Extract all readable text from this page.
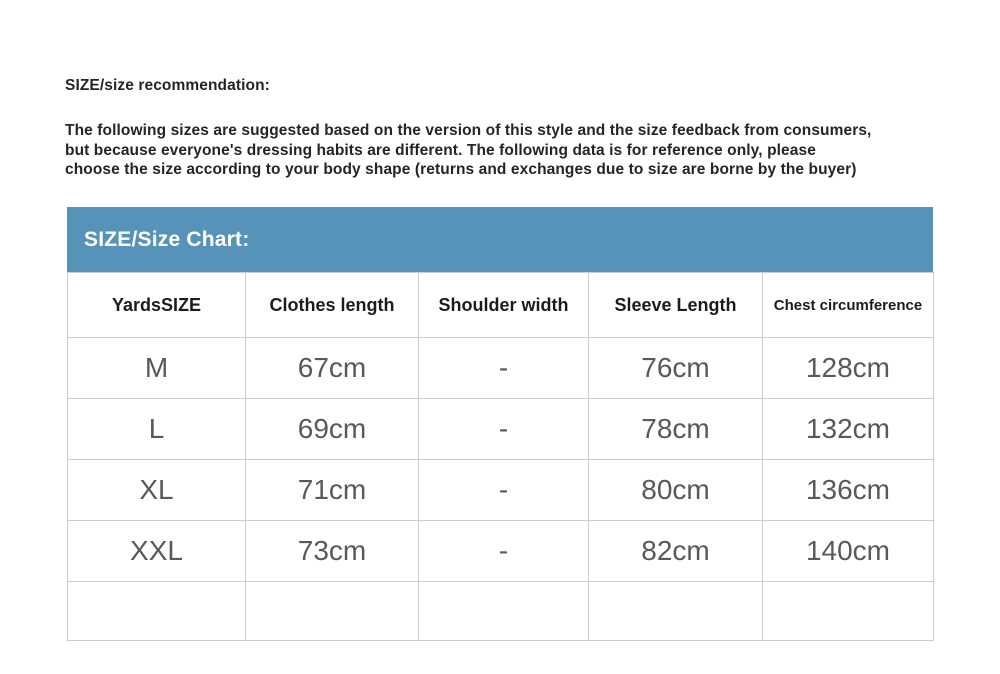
SIZE/size recommendation:
The following sizes are suggested based on the version of this style and the size feedback from consumers,
but because everyone's dressing habits are different. The following data is for reference only, please
choose the size according to your body shape (returns and exchanges due to size are borne by the buyer)
SIZE/Size Chart:
YardsSIZE	Clothes length	Shoulder width	Sleeve Length	Chest circumference
M	67cm	-	76cm	128cm
L	69cm	-	78cm	132cm
XL	71cm	-	80cm	136cm
XXL	73cm	-	82cm	140cm
